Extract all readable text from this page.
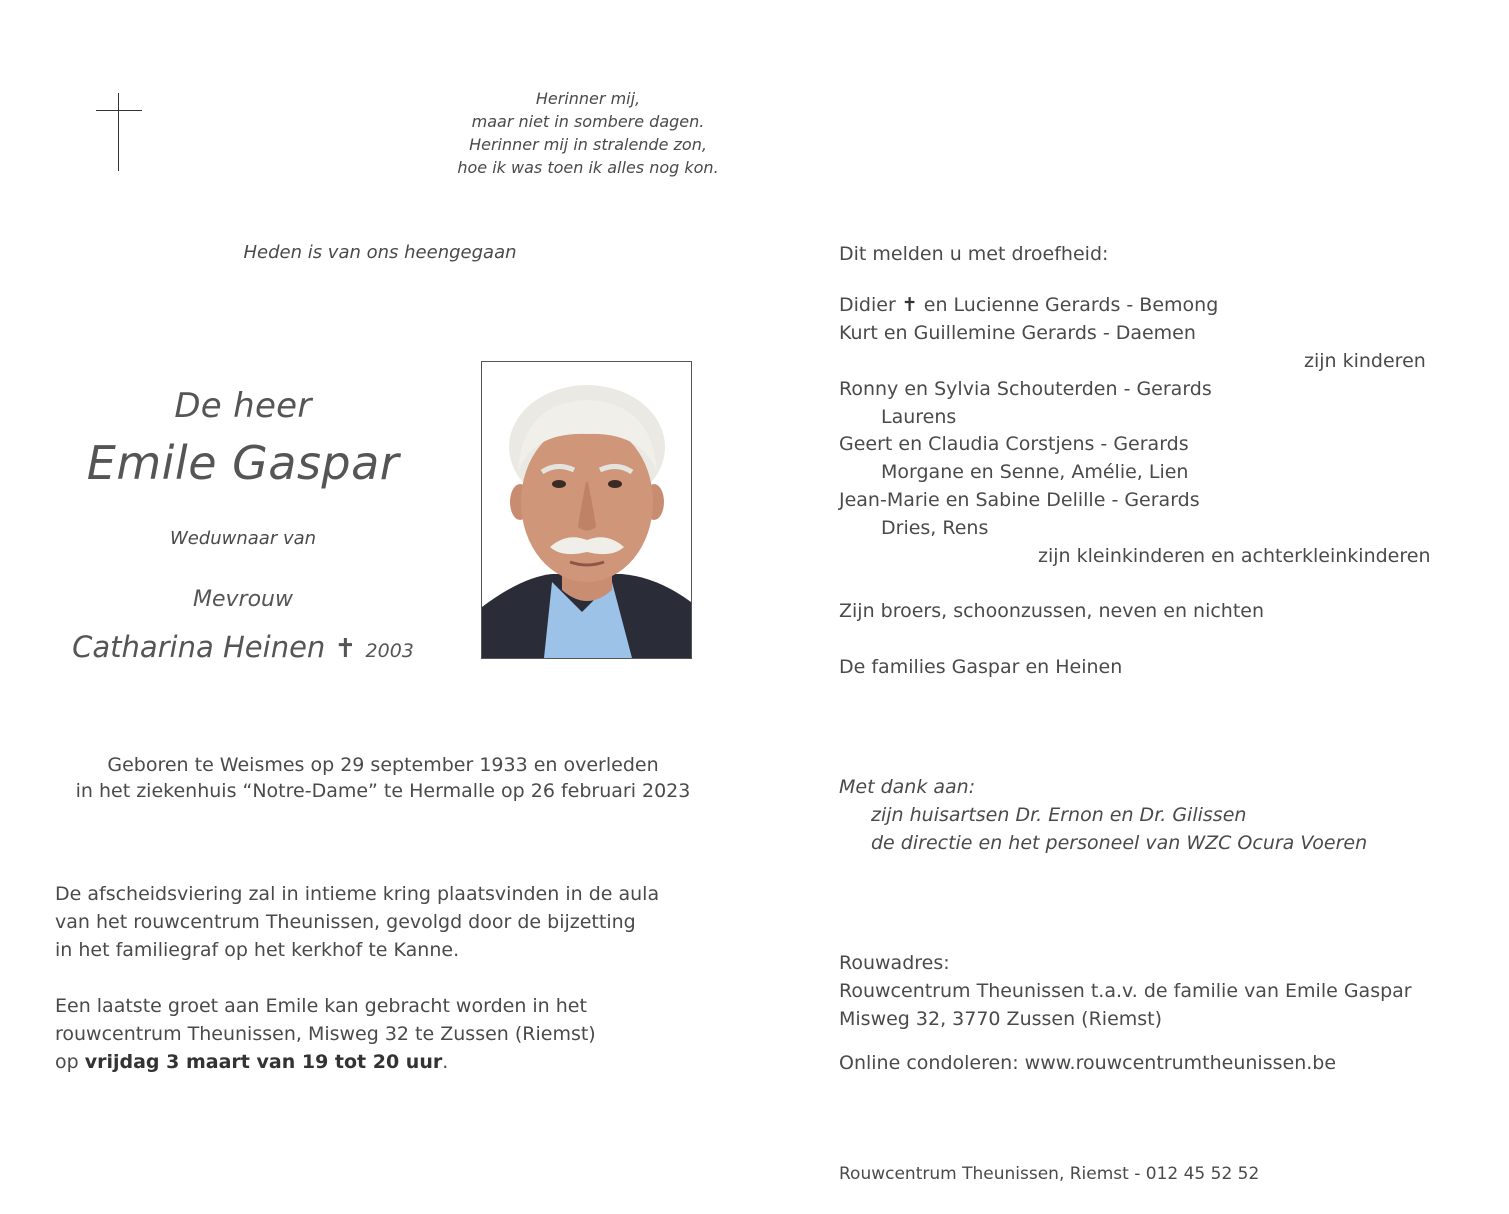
Herinner mij,
maar niet in sombere dagen.
Herinner mij in stralende zon,
hoe ik was toen ik alles nog kon.
Heden is van ons heengegaan
De heer
Emile Gaspar
Weduwnaar van
Mevrouw
Catharina Heinen ✝ 2003
Geboren te Weismes op 29 september 1933 en overleden
in het ziekenhuis “Notre-Dame” te Hermalle op 26 februari 2023
De afscheidsviering zal in intieme kring plaatsvinden in de aula
van het rouwcentrum Theunissen, gevolgd door de bijzetting
in het familiegraf op het kerkhof te Kanne.
Een laatste groet aan Emile kan gebracht worden in het
rouwcentrum Theunissen, Misweg 32 te Zussen (Riemst)
op vrijdag 3 maart van 19 tot 20 uur.
Dit melden u met droefheid:
Didier ✝ en Lucienne Gerards - Bemong
Kurt en Guillemine Gerards - Daemen
zijn kinderen
Ronny en Sylvia Schouterden - Gerards
Laurens
Geert en Claudia Corstjens - Gerards
Morgane en Senne, Amélie, Lien
Jean-Marie en Sabine Delille - Gerards
Dries, Rens
zijn kleinkinderen en achterkleinkinderen
Zijn broers, schoonzussen, neven en nichten
De families Gaspar en Heinen
Met dank aan:
zijn huisartsen Dr. Ernon en Dr. Gilissen
de directie en het personeel van WZC Ocura Voeren
Rouwadres:
Rouwcentrum Theunissen t.a.v. de familie van Emile Gaspar
Misweg 32, 3770 Zussen (Riemst)
Online condoleren: www.rouwcentrumtheunissen.be
Rouwcentrum Theunissen, Riemst - 012 45 52 52
